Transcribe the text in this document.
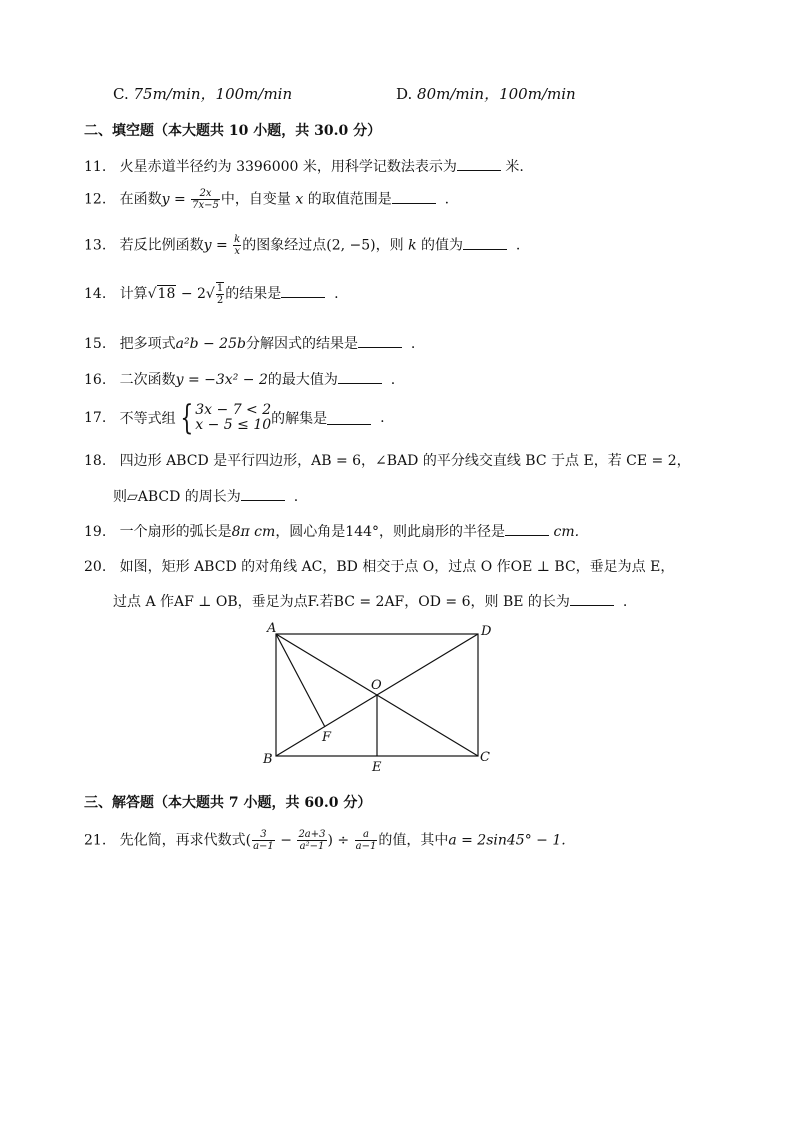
C. 75m/min，100m/min	D. 80m/min，100m/min
二、填空题（本大题共 10 小题，共 30.0 分）
11. 火星赤道半径约为 3396000 米，用科学记数法表示为	米.
12. 在函数$y = \frac{2x}{7x-5}$ 中，自变量 x 的取值范围是	.
13. 若反比例函数$y = \frac{k}{x}$ 的图象经过点(2, −5)，则 k 的值为	.
14. 计算$√18 - 2√ \frac{1}{2}$ 的结果是	.
15. 把多项式a²b − 25b分解因式的结果是	.
16. 二次函数y = −3x² − 2的最大值为	.
17. 不等式组 { 3x − 7 < 2
x − 5 ≤ 10 的解集是	.
18. 四边形 ABCD 是平行四边形，AB = 6，∠BAD 的平分线交直线 BC 于点 E，若 CE = 2，
则▱ABCD 的周长为	.
19. 一个扇形的弧长是8π cm，圆心角是144°，则此扇形的半径是	cm.
20. 如图，矩形 ABCD 的对角线 AC，BD 相交于点 O，过点 O 作OE ⊥ BC，垂足为点 E，
过点 A 作AF ⊥ OB，垂足为点F.若BC = 2AF，OD = 6，则 BE 的长为	.
A	D
B	C
O
E
F
三、解答题（本大题共 7 小题，共 60.0 分）
21. 先化简，再求代数式( $\frac{3}{a-1} - \frac{2a+3}{\text{a²−1}}$ ) ÷ $\frac{a}{a-1}$ 的值，其中a = 2sin45° − 1.
